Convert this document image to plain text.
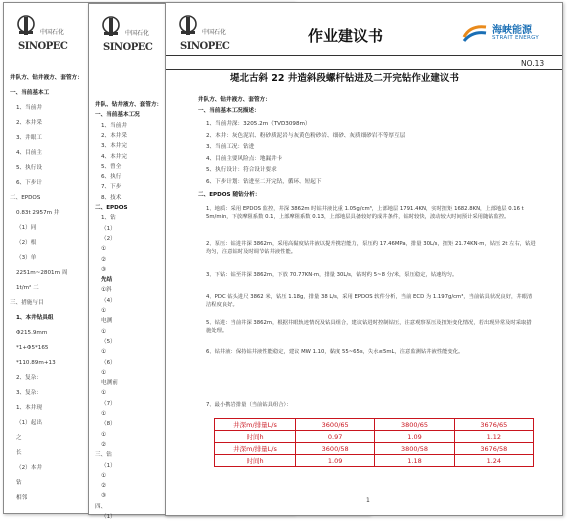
中国石化
SINOPEC
井队方、钻井液方、套管方：
一、当前基本工
1、当前井
2、本井采
3、井眼工
4、目前主
5、执行设
6、下步计
二、EPDOS
0.83t 2957m 井
（1）同
（2）根
（3）单
2251m~2801m 周
1t/m² 二
三、措施与目
1、本井钻具组
Φ215.9mm
*1+Φ5*165
*110.89m+13
2、复杂：
3、复杂：
1、本井现
（1）起出
之
长
（2）本井
钻
相邻
中国石化
SINOPEC
井队、钻井液方、套管方：
一、当前基本工况
1、当前井
2、本井采
3、本井完
4、本井完
5、曾全
6、执行
7、下步
8、技术
二、EPDOS
1、钻
（1）
（2）
①
②
③
先结
①斜
（4）
①
电测
①
（5）
①
（6）
①
电测前
①
（7）
①
（8）
①
②
三、钻
（1）
①
②
③
四、
（1）
中国石化
SINOPEC
作业建议书	海峡能源
STRAIT ENERGY
NO.13
堤北古斜 22 井造斜段螺杆钻进及二开完钻作业建议书
井队方、钻井液方、套管方：
一、当前基本工况描述：
1、当前井深：3205.2m（TVD3098m）
2、本井：灰色泥岩、粉砂质泥岩与灰黄色粉砂岩、细砂、灰质细砂岩不等厚互层
3、当前工况：钻进
4、目前主要风险点：地漏井卡
5、执行设计：符合设计要求
6、下步计划：钻进至二开完钻，循环、短起下
二、EPDOS 随钻分析：
1、地质：采用 EPDOS 监控，井深 3862m 时钻井液比重 1.05g/cm³，上部地层 1791.4KN，实时扭矩 1682.8KN，上部地层 0.16 t 5m/min，下放摩阻系数 0.1，上部摩阻系数 0.13，上部地层具备较好的成井条件，钻时较快，波动较大时间预计采用随钻监控。
2、泵压：钻进井深 3862m，采用高黏度钻井液以提升携岩能力，泵压约 17.46MPa，排量 30L/s，扭矩 21.74KN·m，钻压 2t 左右，钻进均匀，注意钻时及时调节钻井液性能。
3、下钻：钻至井深 3862m，下放 70.77KN·m，排量 30L/s，钻时约 5~8 分/米，泵压稳定，钻速均匀。
4、PDC 钻头进尺 3862 米，钻压 1.18g，排量 38 L/s，采用 EPDOS 软件分析，当前 ECD 为 1.197g/cm³，当前钻具状况良好，井眼清洁程度良好。
5、钻进：当前井深 3862m，根据井眼轨迹情况及钻具组合，建议钻进时控制钻压，注意观察泵压及扭矩变化情况，若出现异常及时采取措施处理。
6、钻井液：保持钻井液性能稳定，建议 MW 1.10，黏度 55~65s，失水≤5mL，注意监测钻井液性能变化。
7、最小携岩排量（当前钻具组合）：
井深m/排量L/s	3600/65	3800/65	3676/65
时间h	0.97	1.09	1.12
井深m/排量L/s	3600/58	3800/58	3676/58
时间h	1.09	1.18	1.24
1
